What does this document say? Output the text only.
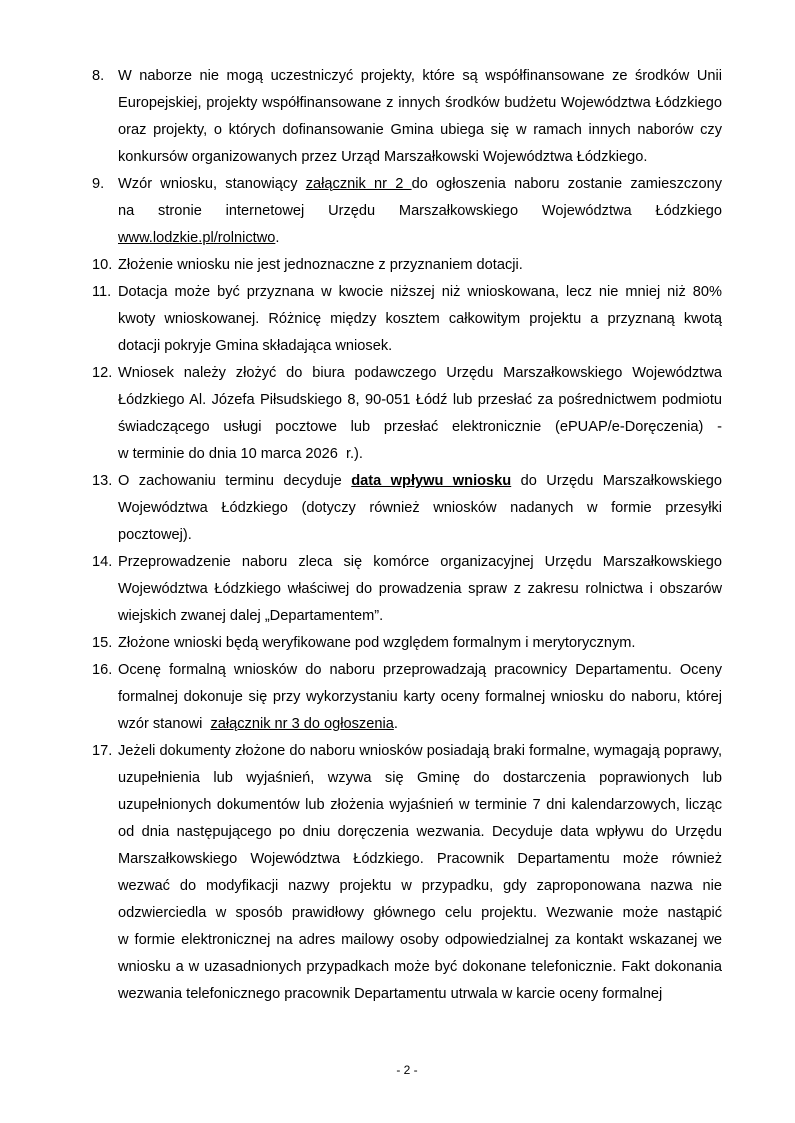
8. W naborze nie mogą uczestniczyć projekty, które są współfinansowane ze środków Unii Europejskiej, projekty współfinansowane z innych środków budżetu Województwa Łódzkiego oraz projekty, o których dofinansowanie Gmina ubiega się w ramach innych naborów czy konkursów organizowanych przez Urząd Marszałkowski Województwa Łódzkiego.
9. Wzór wniosku, stanowiący załącznik nr 2 do ogłoszenia naboru zostanie zamieszczony na stronie internetowej Urzędu Marszałkowskiego Województwa Łódzkiego www.lodzkie.pl/rolnictwo.
10. Złożenie wniosku nie jest jednoznaczne z przyznaniem dotacji.
11. Dotacja może być przyznana w kwocie niższej niż wnioskowana, lecz nie mniej niż 80% kwoty wnioskowanej. Różnicę między kosztem całkowitym projektu a przyznaną kwotą dotacji pokryje Gmina składająca wniosek.
12. Wniosek należy złożyć do biura podawczego Urzędu Marszałkowskiego Województwa Łódzkiego Al. Józefa Piłsudskiego 8, 90-051 Łódź lub przesłać za pośrednictwem podmiotu świadczącego usługi pocztowe lub przesłać elektronicznie (ePUAP/e-Doręczenia) - w terminie do dnia 10 marca 2026  r.).
13. O zachowaniu terminu decyduje data wpływu wniosku do Urzędu Marszałkowskiego Województwa Łódzkiego (dotyczy również wniosków nadanych w formie przesyłki pocztowej).
14. Przeprowadzenie naboru zleca się komórce organizacyjnej Urzędu Marszałkowskiego Województwa Łódzkiego właściwej do prowadzenia spraw z zakresu rolnictwa i obszarów wiejskich zwanej dalej „Departamentem”.
15. Złożone wnioski będą weryfikowane pod względem formalnym i merytorycznym.
16. Ocenę formalną wniosków do naboru przeprowadzają pracownicy Departamentu. Oceny formalnej dokonuje się przy wykorzystaniu karty oceny formalnej wniosku do naboru, której wzór stanowi  załącznik nr 3 do ogłoszenia.
17. Jeżeli dokumenty złożone do naboru wniosków posiadają braki formalne, wymagają poprawy, uzupełnienia lub wyjaśnień, wzywa się Gminę do dostarczenia poprawionych lub uzupełnionych dokumentów lub złożenia wyjaśnień w terminie 7 dni kalendarzowych, licząc od dnia następującego po dniu doręczenia wezwania. Decyduje data wpływu do Urzędu Marszałkowskiego Województwa Łódzkiego. Pracownik Departamentu może również wezwać do modyfikacji nazwy projektu w przypadku, gdy zaproponowana nazwa nie odzwierciedla w sposób prawidłowy głównego celu projektu. Wezwanie może nastąpić w formie elektronicznej na adres mailowy osoby odpowiedzialnej za kontakt wskazanej we wniosku a w uzasadnionych przypadkach może być dokonane telefonicznie. Fakt dokonania wezwania telefonicznego pracownik Departamentu utrwala w karcie oceny formalnej
- 2 -
